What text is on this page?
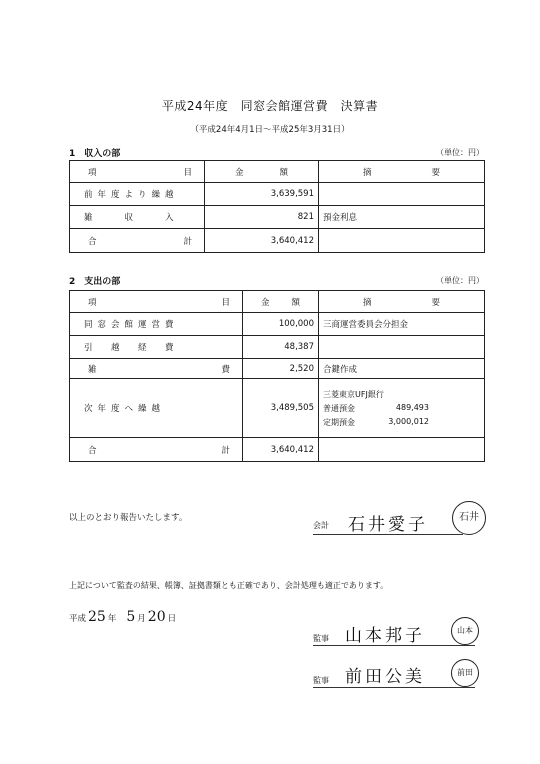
平成24年度　同窓会館運営費　決算書
（平成24年4月1日～平成25年3月31日）
1　収入の部	（単位：円）
項 目	金 額	摘 要

前年度より繰越	3,639,591	
雑　　収　　入	821	預金利息

合 計	3,640,412	
2　支出の部	（単位：円）
項 目	金 額	摘 要

同窓会館運営費	100,000	三商運営委員会分担金
引　越　経　費	48,387	

雑 費	2,520	合鍵作成
次年度へ繰越	3,489,505	三菱東京UFJ銀行
普通預金 489,493
定期預金 3,000,012

合 計	3,640,412	
以上のとおり報告いたします。
会計 石井愛子	石井
上記について監査の結果、帳簿、証拠書類とも正確であり、会計処理も適正であります。
平成 25 年 5 月 20 日
監事 山本邦子	山本
監事 前田公美	前田
